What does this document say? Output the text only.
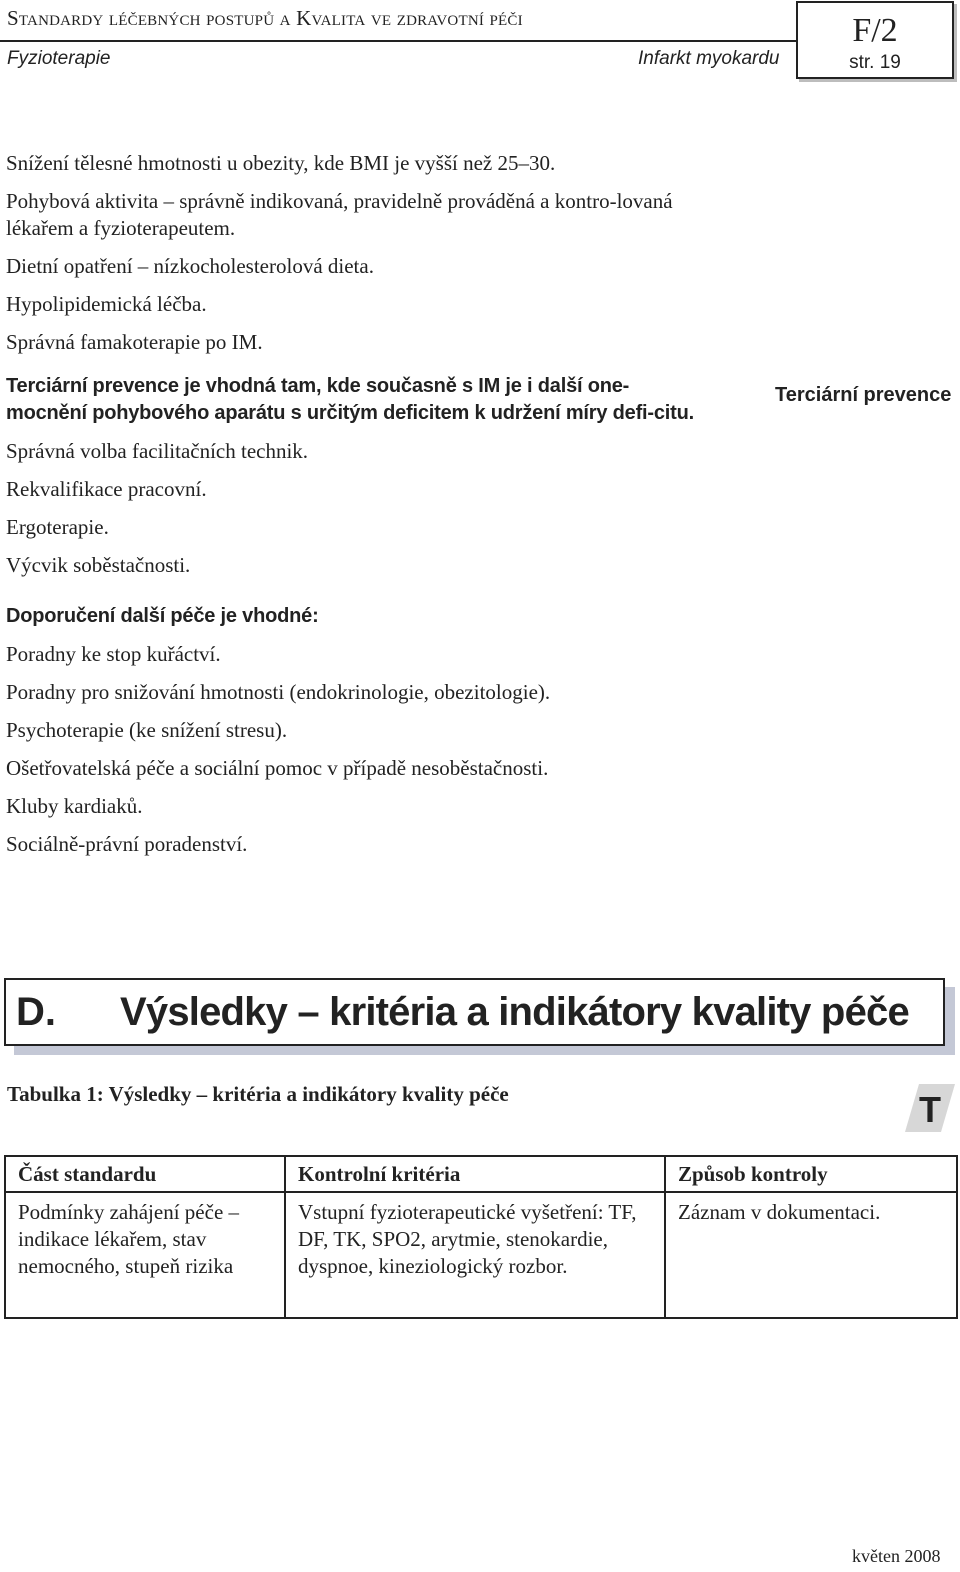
Standardy léčebných postupů a Kvalita ve zdravotní péči
Fyzioterapie	Infarkt myokardu
F/2
str. 19
Snížení tělesné hmotnosti u obezity, kde BMI je vyšší než 25–30.
Pohybová aktivita – správně indikovaná, pravidelně prováděná a kontro-lovaná lékařem a fyzioterapeutem.
Dietní opatření – nízkocholesterolová dieta.
Hypolipidemická léčba.
Správná famakoterapie po IM.
Terciární prevence je vhodná tam, kde současně s IM je i další one-mocnění pohybového aparátu s určitým deficitem k udržení míry defi-citu.
Správná volba facilitačních technik.
Rekvalifikace pracovní.
Ergoterapie.
Výcvik soběstačnosti.
Doporučení další péče je vhodné:
Poradny ke stop kuřáctví.
Poradny pro snižování hmotnosti (endokrinologie, obezitologie).
Psychoterapie (ke snížení stresu).
Ošetřovatelská péče a sociální pomoc v případě nesoběstačnosti.
Kluby kardiaků.
Sociálně-právní poradenství.
Terciární prevence
D. Výsledky – kritéria a indikátory kvality péče
Tabulka 1: Výsledky – kritéria a indikátory kvality péče	T
Část standardu	Kontrolní kritéria	Způsob kontroly
Podmínky zahájení péče – indikace lékařem, stav nemocného, stupeň rizika	Vstupní fyzioterapeutické vyšetření: TF, DF, TK, SPO2, arytmie, stenokardie, dyspnoe, kineziologický rozbor.	Záznam v dokumentaci.
květen 2008
